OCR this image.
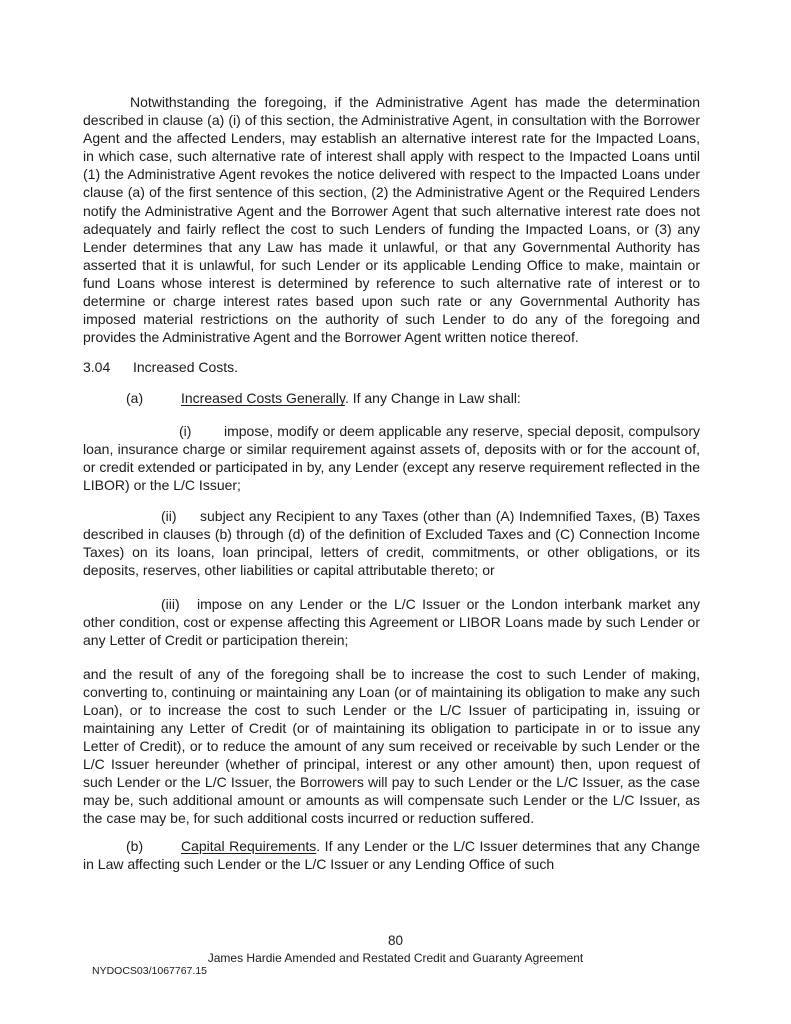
Notwithstanding the foregoing, if the Administrative Agent has made the determination described in clause (a) (i) of this section, the Administrative Agent, in consultation with the Borrower Agent and the affected Lenders, may establish an alternative interest rate for the Impacted Loans, in which case, such alternative rate of interest shall apply with respect to the Impacted Loans until (1) the Administrative Agent revokes the notice delivered with respect to the Impacted Loans under clause (a) of the first sentence of this section, (2) the Administrative Agent or the Required Lenders notify the Administrative Agent and the Borrower Agent that such alternative interest rate does not adequately and fairly reflect the cost to such Lenders of funding the Impacted Loans, or (3) any Lender determines that any Law has made it unlawful, or that any Governmental Authority has asserted that it is unlawful, for such Lender or its applicable Lending Office to make, maintain or fund Loans whose interest is determined by reference to such alternative rate of interest or to determine or charge interest rates based upon such rate or any Governmental Authority has imposed material restrictions on the authority of such Lender to do any of the foregoing and provides the Administrative Agent and the Borrower Agent written notice thereof.

3.04 Increased Costs.

(a)	Increased Costs Generally. If any Change in Law shall:

(i) impose, modify or deem applicable any reserve, special deposit, compulsory loan, insurance charge or similar requirement against assets of, deposits with or for the account of, or credit extended or participated in by, any Lender (except any reserve requirement reflected in the LIBOR) or the L/C Issuer;

(ii) subject any Recipient to any Taxes (other than (A) Indemnified Taxes, (B) Taxes described in clauses (b) through (d) of the definition of Excluded Taxes and (C) Connection Income Taxes) on its loans, loan principal, letters of credit, commitments, or other obligations, or its deposits, reserves, other liabilities or capital attributable thereto; or

(iii) impose on any Lender or the L/C Issuer or the London interbank market any other condition, cost or expense affecting this Agreement or LIBOR Loans made by such Lender or any Letter of Credit or participation therein;

and the result of any of the foregoing shall be to increase the cost to such Lender of making, converting to, continuing or maintaining any Loan (or of maintaining its obligation to make any such Loan), or to increase the cost to such Lender or the L/C Issuer of participating in, issuing or maintaining any Letter of Credit (or of maintaining its obligation to participate in or to issue any Letter of Credit), or to reduce the amount of any sum received or receivable by such Lender or the L/C Issuer hereunder (whether of principal, interest or any other amount) then, upon request of such Lender or the L/C Issuer, the Borrowers will pay to such Lender or the L/C Issuer, as the case may be, such additional amount or amounts as will compensate such Lender or the L/C Issuer, as the case may be, for such additional costs incurred or reduction suffered.

(b)	Capital Requirements. If any Lender or the L/C Issuer determines that any Change in Law affecting such Lender or the L/C Issuer or any Lending Office of such

80
James Hardie Amended and Restated Credit and Guaranty Agreement
NYDOCS03/1067767.15
